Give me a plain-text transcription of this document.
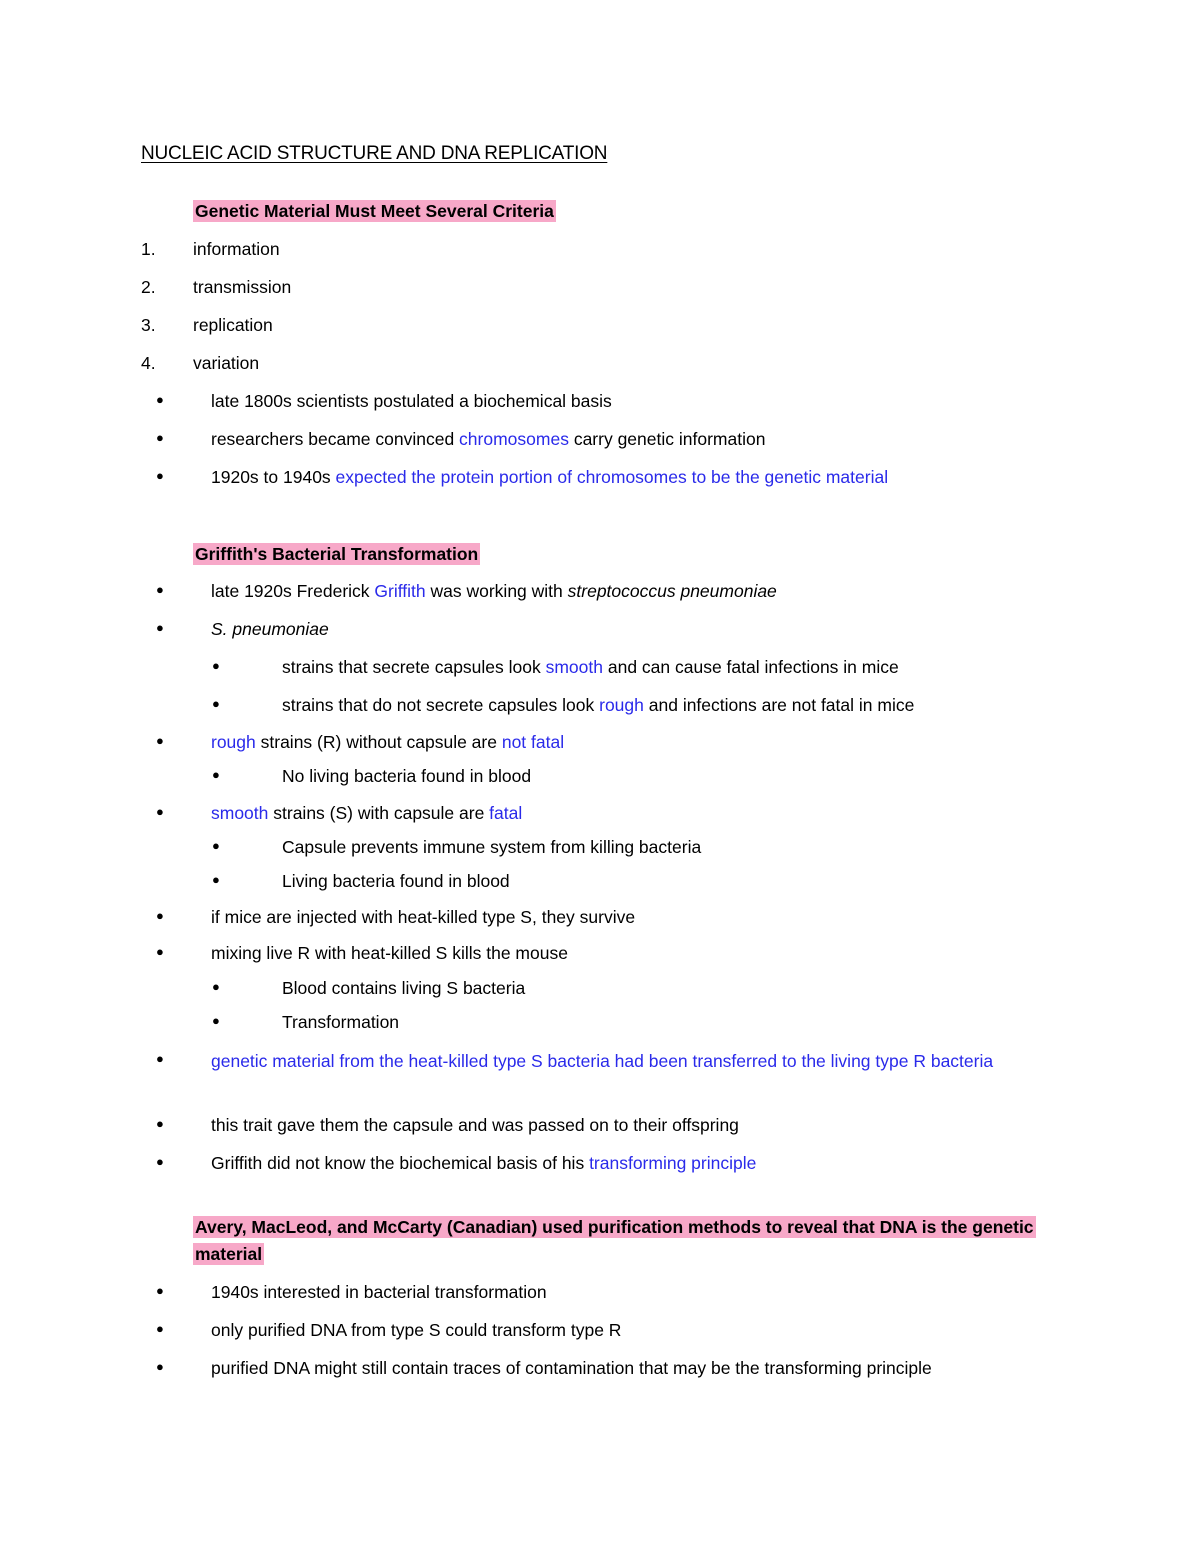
NUCLEIC ACID STRUCTURE AND DNA REPLICATION
Genetic Material Must Meet Several Criteria
1. information
2. transmission
3. replication
4. variation
●	late 1800s scientists postulated a biochemical basis
●	researchers became convinced chromosomes carry genetic information
●	1920s to 1940s expected the protein portion of chromosomes to be the genetic material
Griffith's Bacterial Transformation
●	late 1920s Frederick Griffith was working with streptococcus pneumoniae
●	S. pneumoniae
●	strains that secrete capsules look smooth and can cause fatal infections in mice
●	strains that do not secrete capsules look rough and infections are not fatal in mice
●	rough strains (R) without capsule are not fatal
●	No living bacteria found in blood
●	smooth strains (S) with capsule are fatal
●	Capsule prevents immune system from killing bacteria
●	Living bacteria found in blood
●	if mice are injected with heat-killed type S, they survive
●	mixing live R with heat-killed S kills the mouse
●	Blood contains living S bacteria
●	Transformation
●	genetic material from the heat-killed type S bacteria had been transferred to the living type R bacteria
●	this trait gave them the capsule and was passed on to their offspring
●	Griffith did not know the biochemical basis of his transforming principle
Avery, MacLeod, and McCarty (Canadian) used purification methods to reveal that DNA is the genetic material
●	1940s interested in bacterial transformation
●	only purified DNA from type S could transform type R
●	purified DNA might still contain traces of contamination that may be the transforming principle
